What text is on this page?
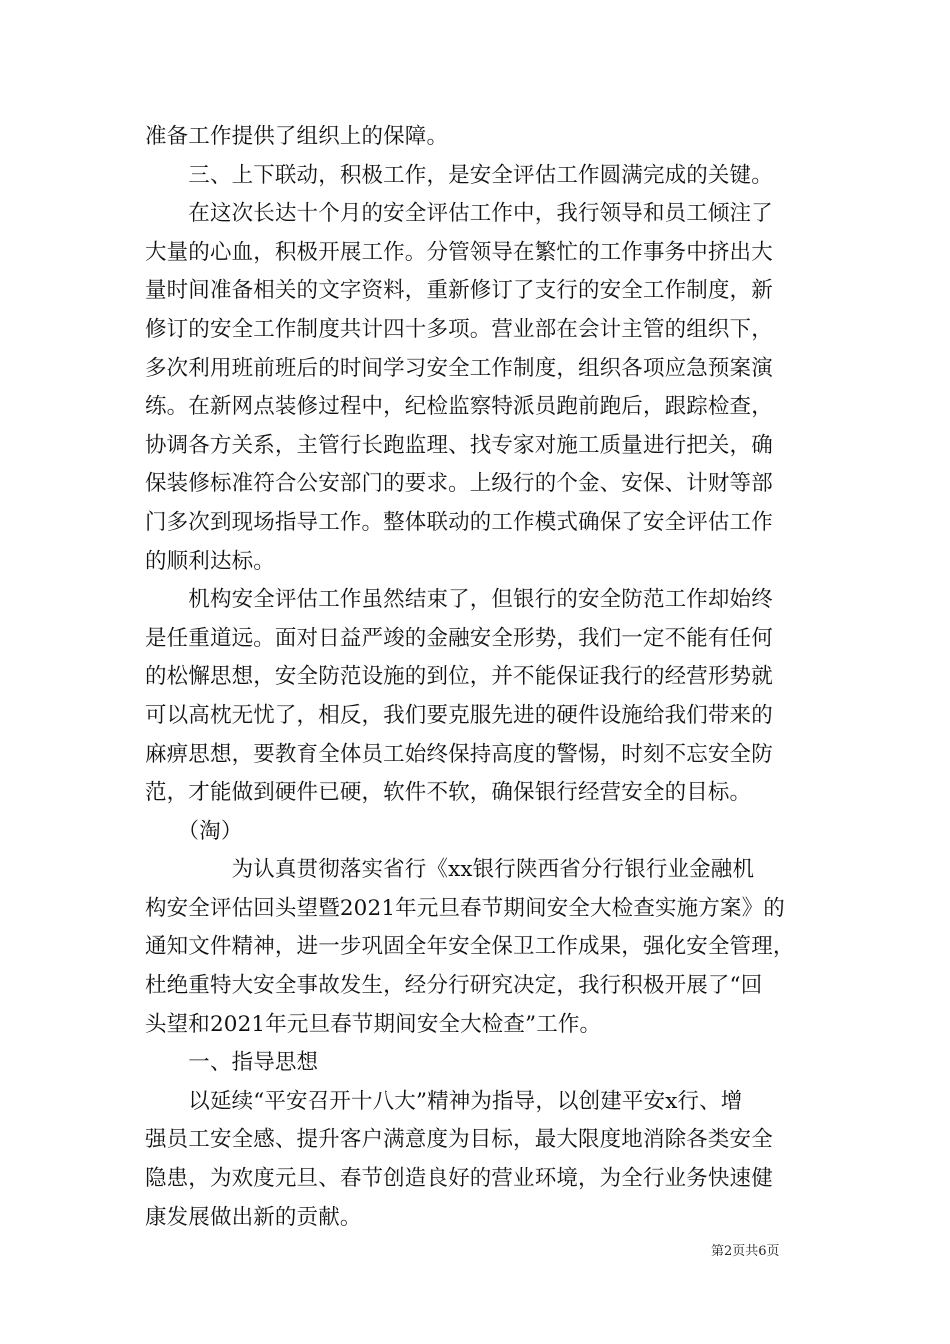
准备工作提供了组织上的保障。
　　三、上下联动，积极工作，是安全评估工作圆满完成的关键。
　　在这次长达十个月的安全评估工作中，我行领导和员工倾注了
大量的心血，积极开展工作。分管领导在繁忙的工作事务中挤出大
量时间准备相关的文字资料，重新修订了支行的安全工作制度，新
修订的安全工作制度共计四十多项。营业部在会计主管的组织下，
多次利用班前班后的时间学习安全工作制度，组织各项应急预案演
练。在新网点装修过程中，纪检监察特派员跑前跑后，跟踪检查，
协调各方关系，主管行长跑监理、找专家对施工质量进行把关，确
保装修标准符合公安部门的要求。上级行的个金、安保、计财等部
门多次到现场指导工作。整体联动的工作模式确保了安全评估工作
的顺利达标。
　　机构安全评估工作虽然结束了，但银行的安全防范工作却始终
是任重道远。面对日益严竣的金融安全形势，我们一定不能有任何
的松懈思想，安全防范设施的到位，并不能保证我行的经营形势就
可以高枕无忧了，相反，我们要克服先进的硬件设施给我们带来的
麻痹思想，要教育全体员工始终保持高度的警惕，时刻不忘安全防
范，才能做到硬件已硬，软件不软，确保银行经营安全的目标。
　　（淘）
　　　　为认真贯彻落实省行《xx银行陕西省分行银行业金融机
构安全评估回头望暨2021年元旦春节期间安全大检查实施方案》的
通知文件精神，进一步巩固全年安全保卫工作成果，强化安全管理，
杜绝重特大安全事故发生，经分行研究决定，我行积极开展了“回
头望和2021年元旦春节期间安全大检查”工作。
　　一、指导思想
　　以延续“平安召开十八大”精神为指导，以创建平安x行、增
强员工安全感、提升客户满意度为目标，最大限度地消除各类安全
隐患，为欢度元旦、春节创造良好的营业环境，为全行业务快速健
康发展做出新的贡献。
第2页共6页
